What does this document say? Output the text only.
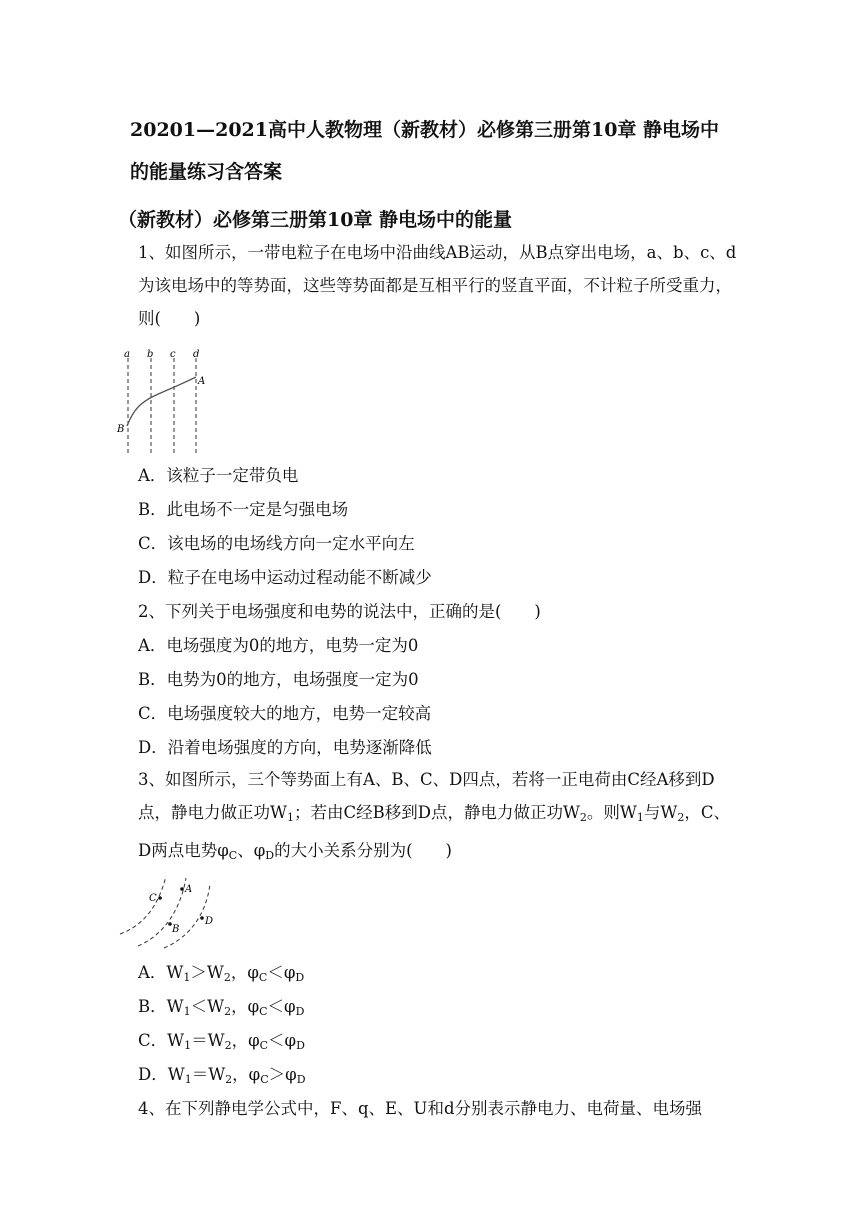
20201—2021高中人教物理（新教材）必修第三册第10章 静电场中
的能量练习含答案
（新教材）必修第三册第10章 静电场中的能量
1、如图所示，一带电粒子在电场中沿曲线AB运动，从B点穿出电场，a、b、c、d为该电场中的等势面，这些等势面都是互相平行的竖直平面，不计粒子所受重力，则(　　)
a b c d
A
B
A．该粒子一定带负电
B．此电场不一定是匀强电场
C．该电场的电场线方向一定水平向左
D．粒子在电场中运动过程动能不断减少
2、下列关于电场强度和电势的说法中，正确的是(　　)
A．电场强度为0的地方，电势一定为0
B．电势为0的地方，电场强度一定为0
C．电场强度较大的地方，电势一定较高
D．沿着电场强度的方向，电势逐渐降低
3、如图所示，三个等势面上有A、B、C、D四点，若将一正电荷由C经A移到D点，静电力做正功$W_1$；若由C经B移到D点，静电力做正功$W_2$。则$W_1$与$W_2$，C、D两点电势$\varphi_C$、$\varphi_D$的大小关系分别为(　　)
C
A
B
D
A．$W_1>W_2$，$\varphi_C<\varphi_D$
B．$W_1<W_2$，$\varphi_C<\varphi_D$
C．$W_1=W_2$，$\varphi_C<\varphi_D$
D．$W_1=W_2$，$\varphi_C>\varphi_D$
4、在下列静电学公式中，F、q、E、U和d分别表示静电力、电荷量、电场强
